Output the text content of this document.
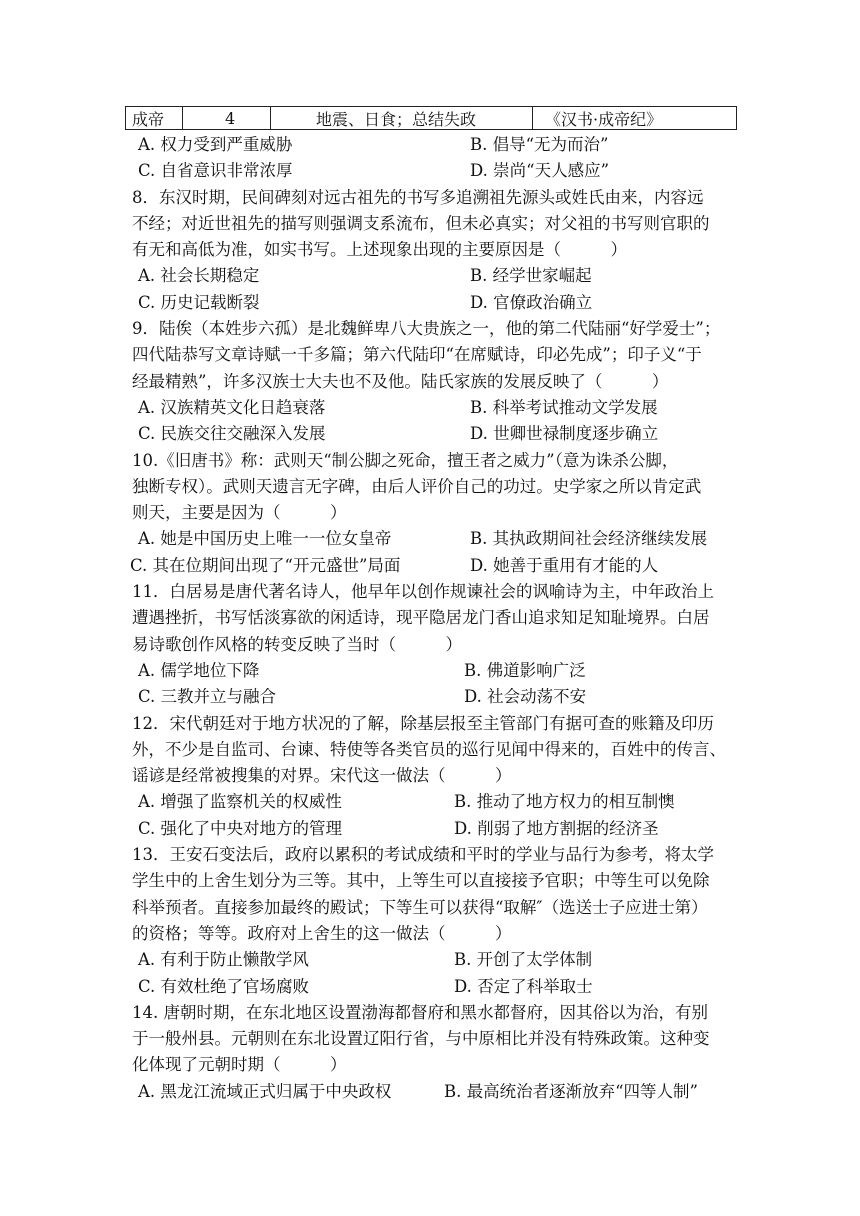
成帝	4	地震、日食；总结失政	《汉书·成帝纪》
A. 权力受到严重威胁	B. 倡导“无为而治”
C. 自省意识非常浓厚	D. 崇尚“天人感应”
8．东汉时期，民间碑刻对远古祖先的书写多追溯祖先源头或姓氏由来，内容远
不经；对近世祖先的描写则强调支系流布，但未必真实；对父祖的书写则官职的
有无和高低为准，如实书写。上述现象出现的主要原因是（　　　）
A. 社会长期稳定	B. 经学世家崛起
C. 历史记载断裂	D. 官僚政治确立
9．陆俟（本姓步六孤）是北魏鲜卑八大贵族之一，他的第二代陆丽“好学爱士”；
四代陆恭写文章诗赋一千多篇；第六代陆印“在席赋诗，印必先成”；印子义“于
经最精熟”，许多汉族士大夫也不及他。陆氏家族的发展反映了（　　　）
A. 汉族精英文化日趋衰落	B. 科举考试推动文学发展
C. 民族交往交融深入发展	D. 世卿世禄制度逐步确立
10.《旧唐书》称：武则天“制公脚之死命，擅王者之威力”（意为诛杀公脚，
独断专权）。武则天遗言无字碑，由后人评价自己的功过。史学家之所以肯定武
则天，主要是因为（　　　）
A. 她是中国历史上唯一一位女皇帝	B. 其执政期间社会经济继续发展
C. 其在位期间出现了“开元盛世”局面	D. 她善于重用有才能的人
11．白居易是唐代著名诗人，他早年以创作规谏社会的讽喻诗为主，中年政治上
遭遇挫折，书写恬淡寡欲的闲适诗，现平隐居龙门香山追求知足知耻境界。白居
易诗歌创作风格的转变反映了当时（　　　）
A. 儒学地位下降	B. 佛道影响广泛
C. 三教并立与融合	D. 社会动荡不安
12．宋代朝廷对于地方状况的了解，除基层报至主管部门有据可查的账籍及印历
外，不少是自监司、台谏、特使等各类官员的巡行见闻中得来的，百姓中的传言、
谣谚是经常被搜集的对界。宋代这一做法（　　　）
A. 增强了监察机关的权威性	B. 推动了地方权力的相互制懊
C. 强化了中央对地方的管理	D. 削弱了地方割据的经济圣
13．王安石变法后，政府以累积的考试成绩和平时的学业与品行为参考，将太学
学生中的上舍生划分为三等。其中，上等生可以直接接予官职；中等生可以免除
科举预者。直接参加最终的殿试；下等生可以获得“取解″（选送士子应进士第）
的资格；等等。政府对上舍生的这一做法（　　　）
A. 有利于防止懒散学风	B. 开创了太学体制
C. 有效杜绝了官场腐败	D. 否定了科举取士
14. 唐朝时期，在东北地区设置渤海都督府和黑水都督府，因其俗以为治，有别
于一般州县。元朝则在东北设置辽阳行省，与中原相比并没有特殊政策。这种变
化体现了元朝时期（　　　）
A. 黑龙江流域正式归属于中央政权	B. 最高统治者逐渐放弃“四等人制”
